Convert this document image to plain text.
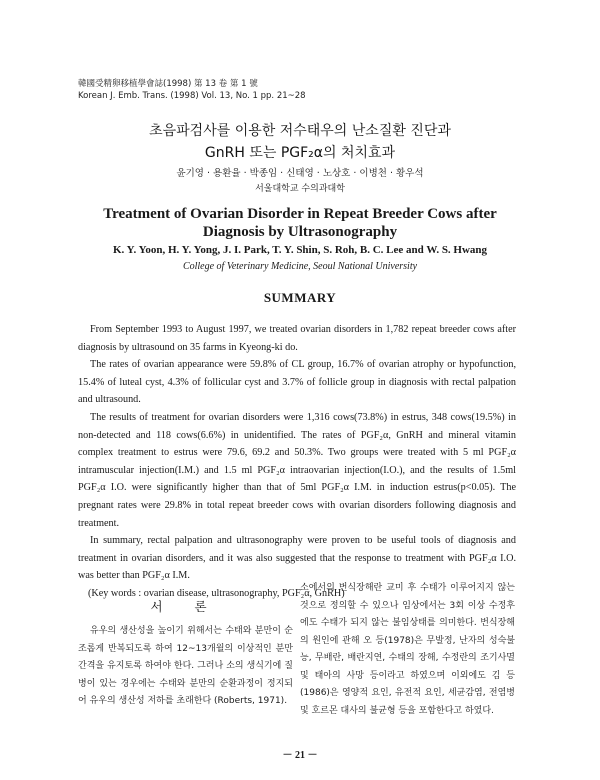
韓國受精卵移植學會誌(1998) 第 13 卷 第 1 號
Korean J. Emb. Trans. (1998) Vol. 13, No. 1 pp. 21~28
초음파검사를 이용한 저수태우의 난소질환 진단과
GnRH 또는 PGF₂α의 처치효과
윤기영 · 용환율 · 박종임 · 신태영 · 노상호 · 이병천 · 황우석
서울대학교 수의과대학
Treatment of Ovarian Disorder in Repeat Breeder Cows after
Diagnosis by Ultrasonography
K. Y. Yoon, H. Y. Yong, J. I. Park, T. Y. Shin, S. Roh, B. C. Lee and W. S. Hwang
College of Veterinary Medicine, Seoul National University
SUMMARY

From September 1993 to August 1997, we treated ovarian disorders in 1,782 repeat breeder cows after diagnosis by ultrasound on 35 farms in Kyeong-ki do.

The rates of ovarian appearance were 59.8% of CL group, 16.7% of ovarian atrophy or hypofunction, 15.4% of luteal cyst, 4.3% of follicular cyst and 3.7% of follicle group in diagnosis with rectal palpation and ultrasound.

The results of treatment for ovarian disorders were 1,316 cows(73.8%) in estrus, 348 cows(19.5%) in non-detected and 118 cows(6.6%) in unidentified. The rates of PGF₂α, GnRH and mineral vitamin complex treatment to estrus were 79.6, 69.2 and 50.3%. Two groups were treated with 5 ml PGF₂α intramuscular injection(I.M.) and 1.5 ml PGF₂α intraovarian injection(I.O.), and the results of 1.5ml PGF₂α I.O. were significantly higher than that of 5ml PGF₂α I.M. in induction estrus(p<0.05). The pregnant rates were 29.8% in total repeat breeder cows with ovarian disorders following diagnosis and treatment.

In summary, rectal palpation and ultrasonography were proven to be useful tools of diagnosis and treatment in ovarian disorders, and it was also suggested that the response to treatment with PGF₂α I.O. was better than PGF₂α I.M.

(Key words : ovarian disease, ultrasonography, PGF₂α, GnRH)

서 론

유우의 생산성을 높이기 위해서는 수태와 분만이 순조롭게 반복되도록 하여 12~13개월의 이상적인 분만간격을 유지토록 하여야 한다. 그러나 소의 생식기에 질병이 있는 경우에는 수태와 분만의 순환과정이 정지되어 유우의 생산성 저하를 초래한다 (Roberts, 1971).

소에서의 번식장해란 교미 후 수태가 이루어지지 않는 것으로 정의할 수 있으나 임상에서는 3회 이상 수정후에도 수태가 되지 않는 불임상태를 의미한다. 번식장해의 원인에 관해 오 등(1978)은 무발정, 난자의 성숙불능, 무배란, 배란지연, 수태의 장해, 수정란의 조기사멸 및 태아의 사망 등이라고 하였으며 이외에도 김 등(1986)은 영양적 요인, 유전적 요인, 세균감염, 전염병 및 호르몬 대사의 불균형 등을 포함한다고 하였다.

－ 21 －
